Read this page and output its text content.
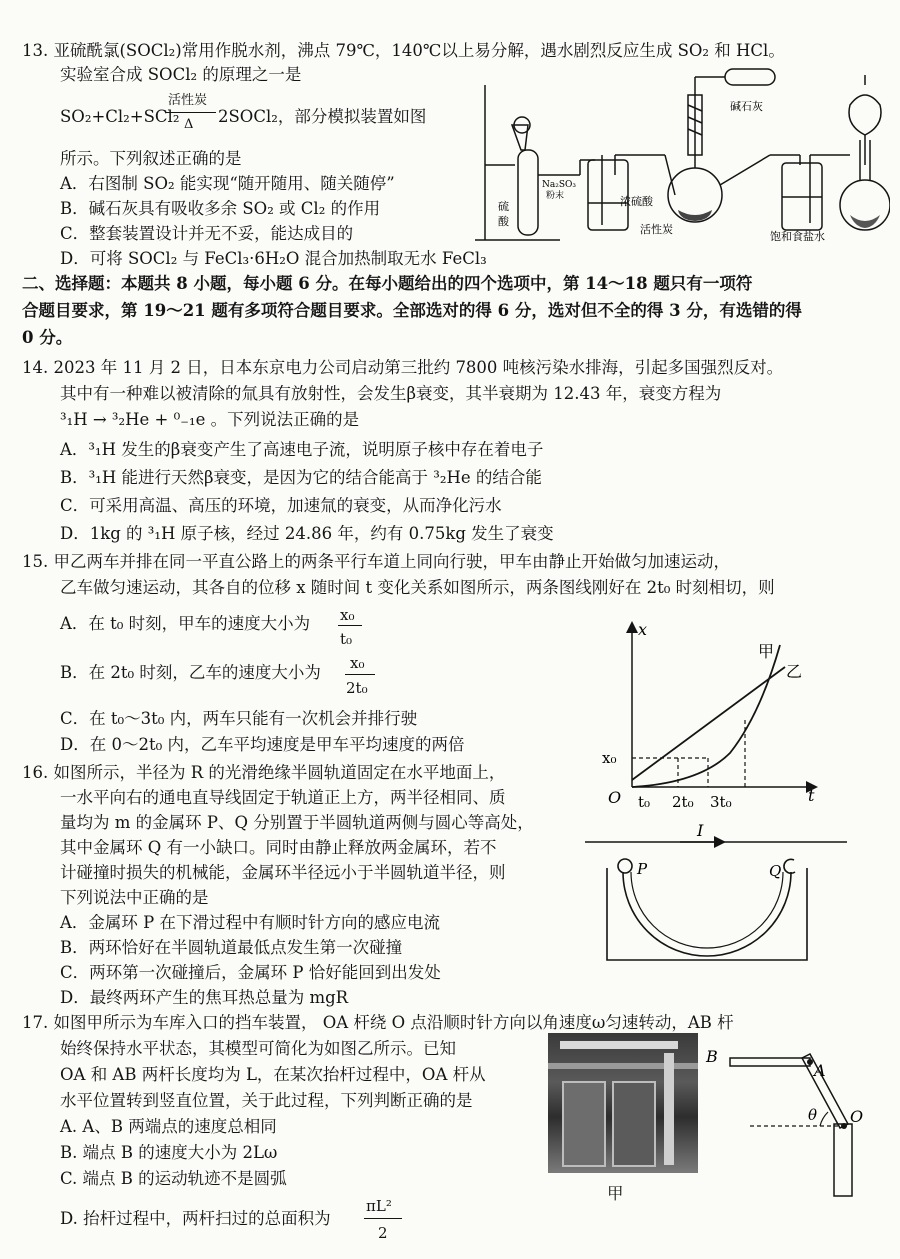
13. 亚硫酰氯(SOCl₂)常用作脱水剂，沸点 79℃，140℃以上易分解，遇水剧烈反应生成 SO₂ 和 HCl。
实验室合成 SOCl₂ 的原理之一是
SO₂+Cl₂+SCl₂
活性炭
Δ 2SOCl₂，部分模拟装置如图
所示。下列叙述正确的是
A．右图制 SO₂ 能实现“随开随用、随关随停”
B．碱石灰具有吸收多余 SO₂ 或 Cl₂ 的作用
C．整套装置设计并无不妥，能达成目的
D．可将 SOCl₂ 与 FeCl₃·6H₂O 混合加热制取无水 FeCl₃
碱石灰
Na₂SO₃
粉末
硫
酸
浓硫酸
活性炭
饱和食盐水
二、选择题：本题共 8 小题，每小题 6 分。在每小题给出的四个选项中，第 14～18 题只有一项符
合题目要求，第 19～21 题有多项符合题目要求。全部选对的得 6 分，选对但不全的得 3 分，有选错的得
0 分。
14. 2023 年 11 月 2 日，日本东京电力公司启动第三批约 7800 吨核污染水排海，引起多国强烈反对。
其中有一种难以被清除的氚具有放射性，会发生β衰变，其半衰期为 12.43 年，衰变方程为
³₁H → ³₂He + ⁰₋₁e 。下列说法正确的是
A．³₁H 发生的β衰变产生了高速电子流，说明原子核中存在着电子
B．³₁H 能进行天然β衰变，是因为它的结合能高于 ³₂He 的结合能
C．可采用高温、高压的环境，加速氚的衰变，从而净化污水
D．1kg 的 ³₁H 原子核，经过 24.86 年，约有 0.75kg 发生了衰变
15. 甲乙两车并排在同一平直公路上的两条平行车道上同向行驶，甲车由静止开始做匀加速运动，
乙车做匀速运动，其各自的位移 x 随时间 t 变化关系如图所示，两条图线刚好在 2t₀ 时刻相切，则
A．在 t₀ 时刻，甲车的速度大小为 x₀
t₀
B．在 2t₀ 时刻，乙车的速度大小为 x₀
2t₀
C．在 t₀～3t₀ 内，两车只能有一次机会并排行驶
D．在 0～2t₀ 内，乙车平均速度是甲车平均速度的两倍
x
t
O
甲
乙
x₀
t₀ 2t₀ 3t₀
16. 如图所示，半径为 R 的光滑绝缘半圆轨道固定在水平地面上，
一水平向右的通电直导线固定于轨道正上方，两半径相同、质
量均为 m 的金属环 P、Q 分别置于半圆轨道两侧与圆心等高处，
其中金属环 Q 有一小缺口。同时由静止释放两金属环，若不
计碰撞时损失的机械能，金属环半径远小于半圆轨道半径，则
下列说法中正确的是
A．金属环 P 在下滑过程中有顺时针方向的感应电流
B．两环恰好在半圆轨道最低点发生第一次碰撞
C．两环第一次碰撞后，金属环 P 恰好能回到出发处
D．最终两环产生的焦耳热总量为 mgR
I
P	Q
17. 如图甲所示为车库入口的挡车装置， OA 杆绕 O 点沿顺时针方向以角速度ω匀速转动，AB 杆
始终保持水平状态，其模型可简化为如图乙所示。已知
OA 和 AB 两杆长度均为 L，在某次抬杆过程中，OA 杆从
水平位置转到竖直位置，关于此过程，下列判断正确的是
A. A、B 两端点的速度总相同
B. 端点 B 的速度大小为 2Lω
C. 端点 B 的运动轨迹不是圆弧
D. 抬杆过程中，两杆扫过的总面积为
πL²
2
甲
B
A
O
θ
